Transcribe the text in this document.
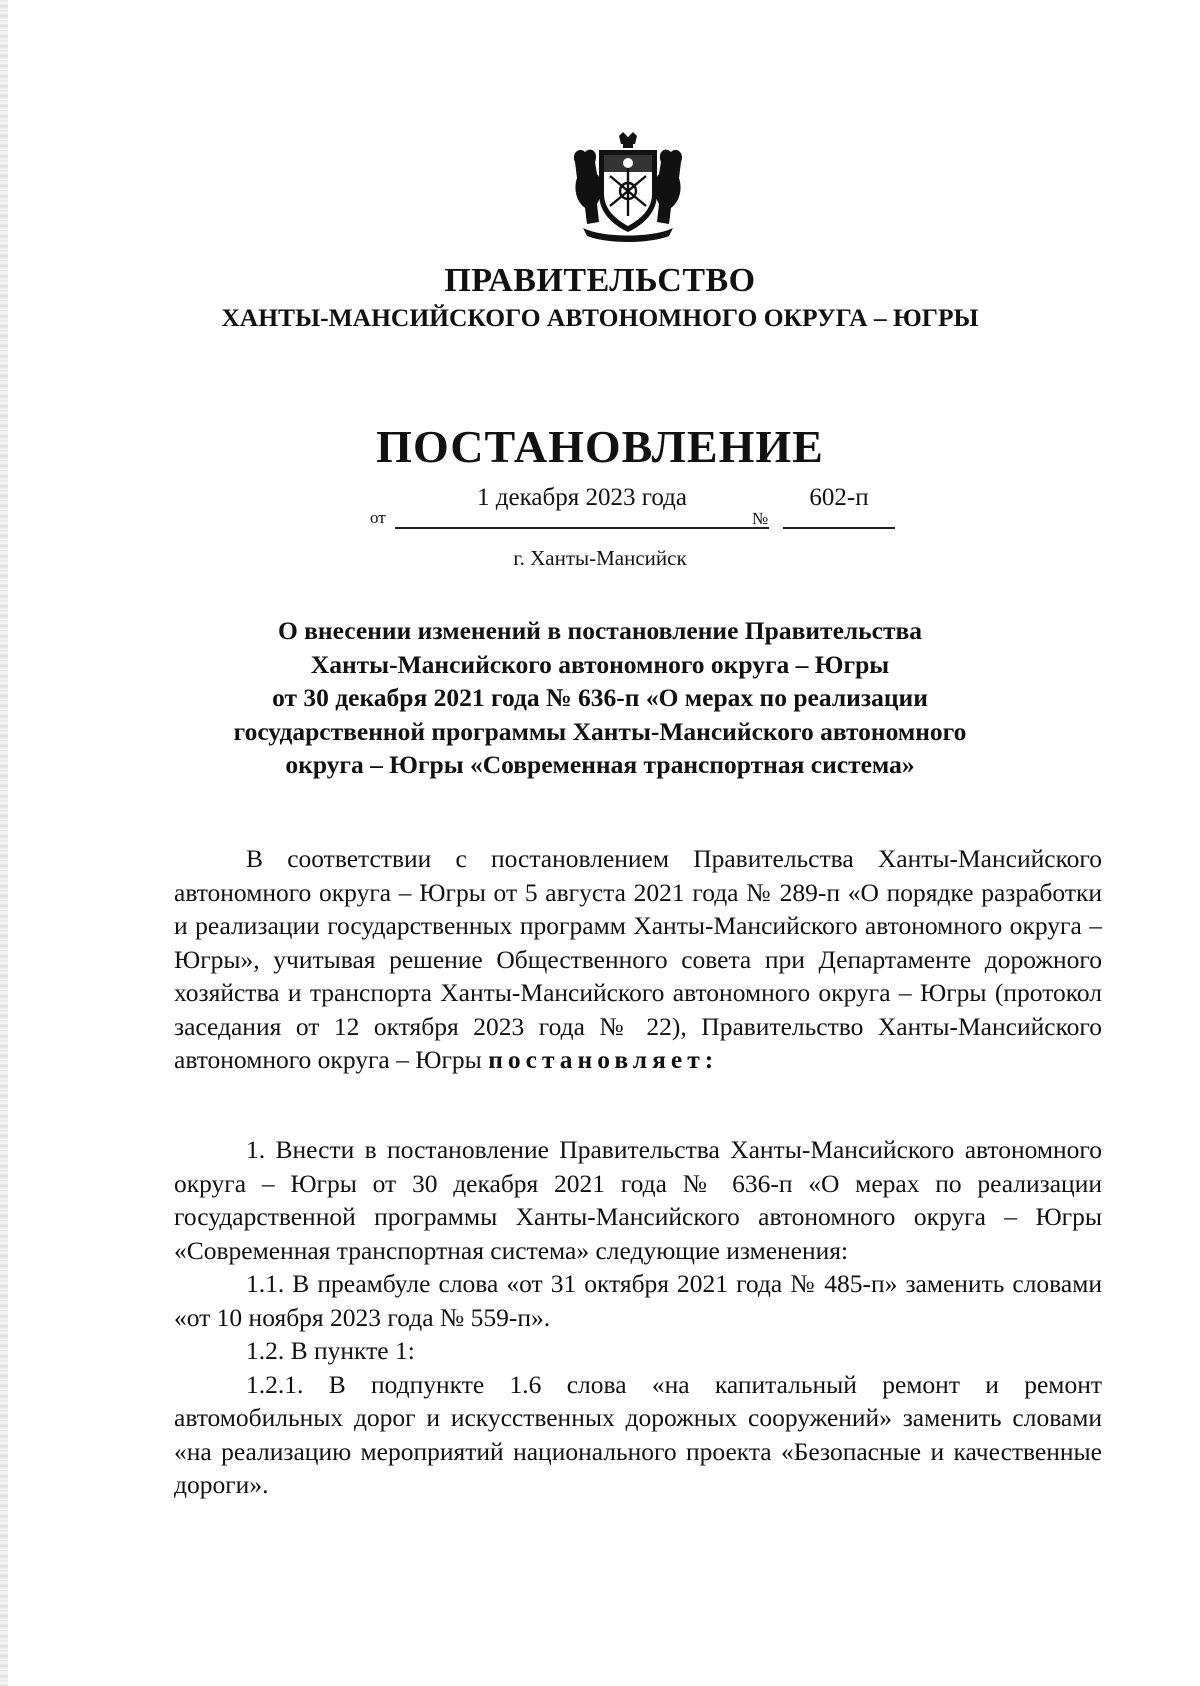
ПРАВИТЕЛЬСТВО
ХАНТЫ-МАНСИЙСКОГО АВТОНОМНОГО ОКРУГА – ЮГРЫ
ПОСТАНОВЛЕНИЕ
от
1 декабря 2023 года
№
602-п
г. Ханты-Мансийск
О внесении изменений в постановление Правительства
Ханты-Мансийского автономного округа – Югры
от 30 декабря 2021 года № 636-п «О мерах по реализации
государственной программы Ханты-Мансийского автономного
округа – Югры «Современная транспортная система»

В соответствии с постановлением Правительства Ханты-Мансийского автономного округа – Югры от 5 августа 2021 года № 289-п «О порядке разработки и реализации государственных программ Ханты-Мансийского автономного округа – Югры», учитывая решение Общественного совета при Департаменте дорожного хозяйства и транспорта Ханты-Мансийского автономного округа – Югры (протокол заседания от 12 октября 2023 года № 22), Правительство Ханты-Мансийского автономного округа – Югры постановляет:

1. Внести в постановление Правительства Ханты-Мансийского автономного округа – Югры от 30 декабря 2021 года № 636-п «О мерах по реализации государственной программы Ханты-Мансийского автономного округа – Югры «Современная транспортная система» следующие изменения:

1.1. В преамбуле слова «от 31 октября 2021 года № 485-п» заменить словами «от 10 ноября 2023 года № 559-п».

1.2. В пункте 1:

1.2.1. В подпункте 1.6 слова «на капитальный ремонт и ремонт автомобильных дорог и искусственных дорожных сооружений» заменить словами «на реализацию мероприятий национального проекта «Безопасные и качественные дороги».
